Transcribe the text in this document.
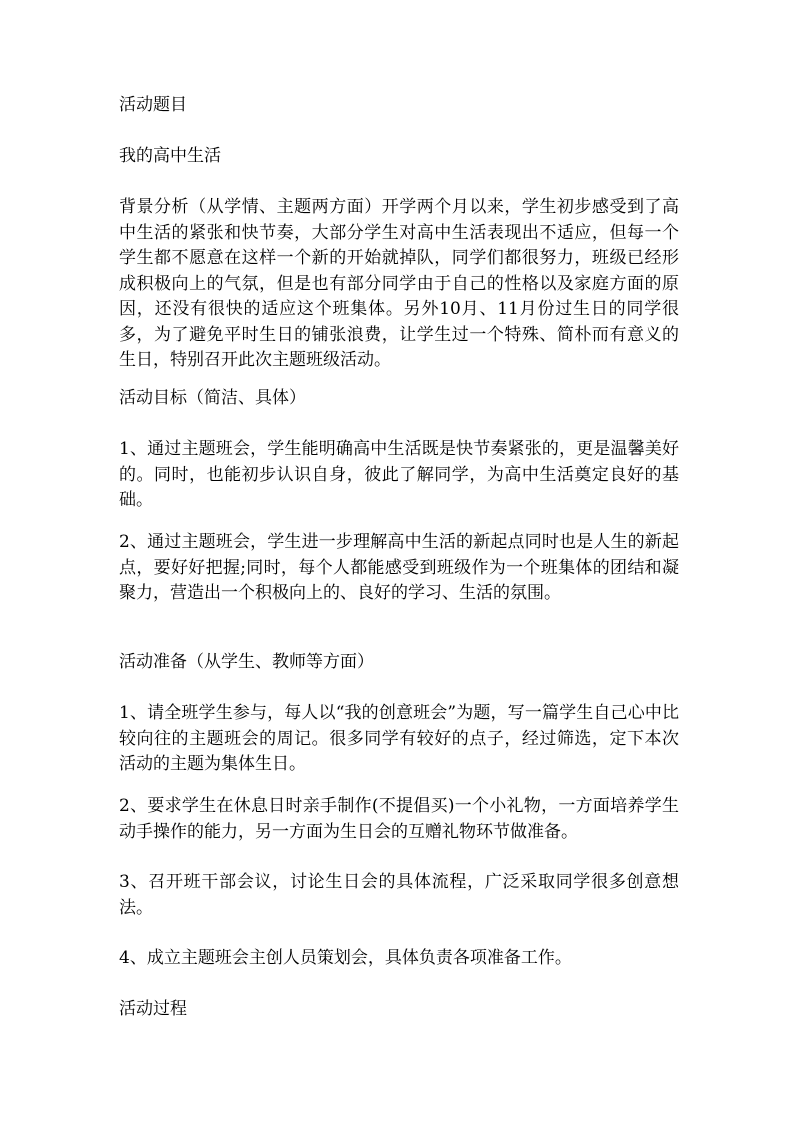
活动题目
我的高中生活
背景分析（从学情、主题两方面）开学两个月以来，学生初步感受到了高中生活的紧张和快节奏，大部分学生对高中生活表现出不适应，但每一个学生都不愿意在这样一个新的开始就掉队，同学们都很努力，班级已经形成积极向上的气氛，但是也有部分同学由于自己的性格以及家庭方面的原因，还没有很快的适应这个班集体。另外10月、11月份过生日的同学很多，为了避免平时生日的铺张浪费，让学生过一个特殊、简朴而有意义的生日，特别召开此次主题班级活动。
活动目标（简洁、具体）
1、通过主题班会，学生能明确高中生活既是快节奏紧张的，更是温馨美好的。同时，也能初步认识自身，彼此了解同学，为高中生活奠定良好的基础。
2、通过主题班会，学生进一步理解高中生活的新起点同时也是人生的新起点，要好好把握;同时，每个人都能感受到班级作为一个班集体的团结和凝聚力，营造出一个积极向上的、良好的学习、生活的氛围。
活动准备（从学生、教师等方面）
1、请全班学生参与，每人以“我的创意班会”为题，写一篇学生自己心中比较向往的主题班会的周记。很多同学有较好的点子，经过筛选，定下本次活动的主题为集体生日。
2、要求学生在休息日时亲手制作(不提倡买)一个小礼物，一方面培养学生动手操作的能力，另一方面为生日会的互赠礼物环节做准备。
3、召开班干部会议，讨论生日会的具体流程，广泛采取同学很多创意想法。
4、成立主题班会主创人员策划会，具体负责各项准备工作。
活动过程
